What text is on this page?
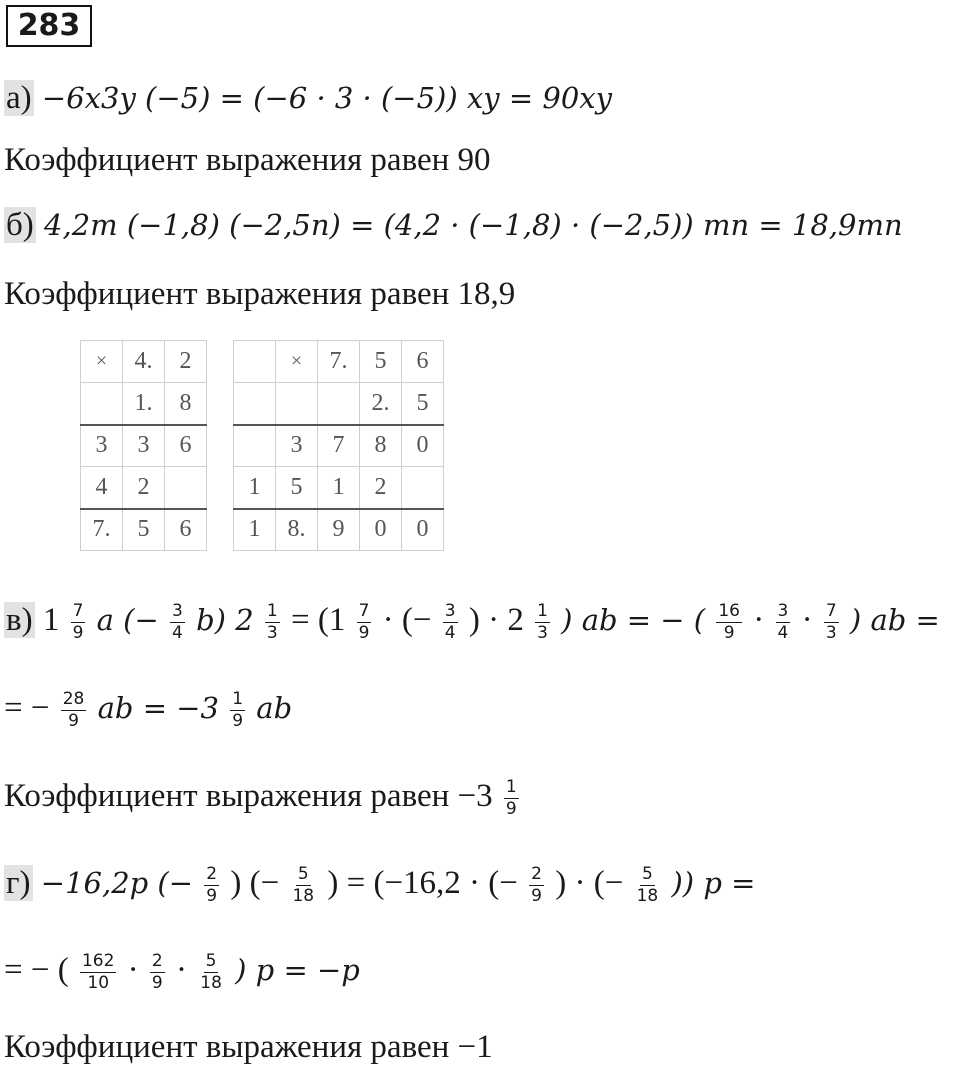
283
а) −6x3y (−5) = (−6 · 3 · (−5)) xy = 90xy
Коэффициент выражения равен 90
б) 4,2m (−1,8) (−2,5n) = (4,2 · (−1,8) · (−2,5)) mn = 18,9mn
Коэффициент выражения равен 18,9
×	4.	2
	1.	8
3	3	6
4	2	
7.	5	6
	×	7.	5	6
			2.	5
	3	7	8	0
1	5	1	2	
1	8.	9	0	0
в) $1 \frac{7}{9}$ a (− $\frac{3}{4} b$) $2 \frac{1}{3} = (1 \frac{7}{9}$ · (− $\frac{3}{4}$ ) · $2 \frac{1}{3}$ ) ab = − ( $\frac{16}{9} \cdot \frac{3}{4} \cdot \frac{7}{3}$ ) ab =
= − $\frac{28}{9}$ ab = $-3 \frac{1}{9}$ ab
Коэффициент выражения равен $-3 \frac{1}{9}$
г) −16,2p (− $\frac{2}{9}$ ) (− $\frac{5}{18}$ ) = (−16,2 · (− $\frac{2}{9}$ ) · (− $\frac{5}{18}$ )) p =
= − ( $\frac{162}{10} \cdot \frac{2}{9} \cdot \frac{5}{18}$ ) p = −p
Коэффициент выражения равен −1
